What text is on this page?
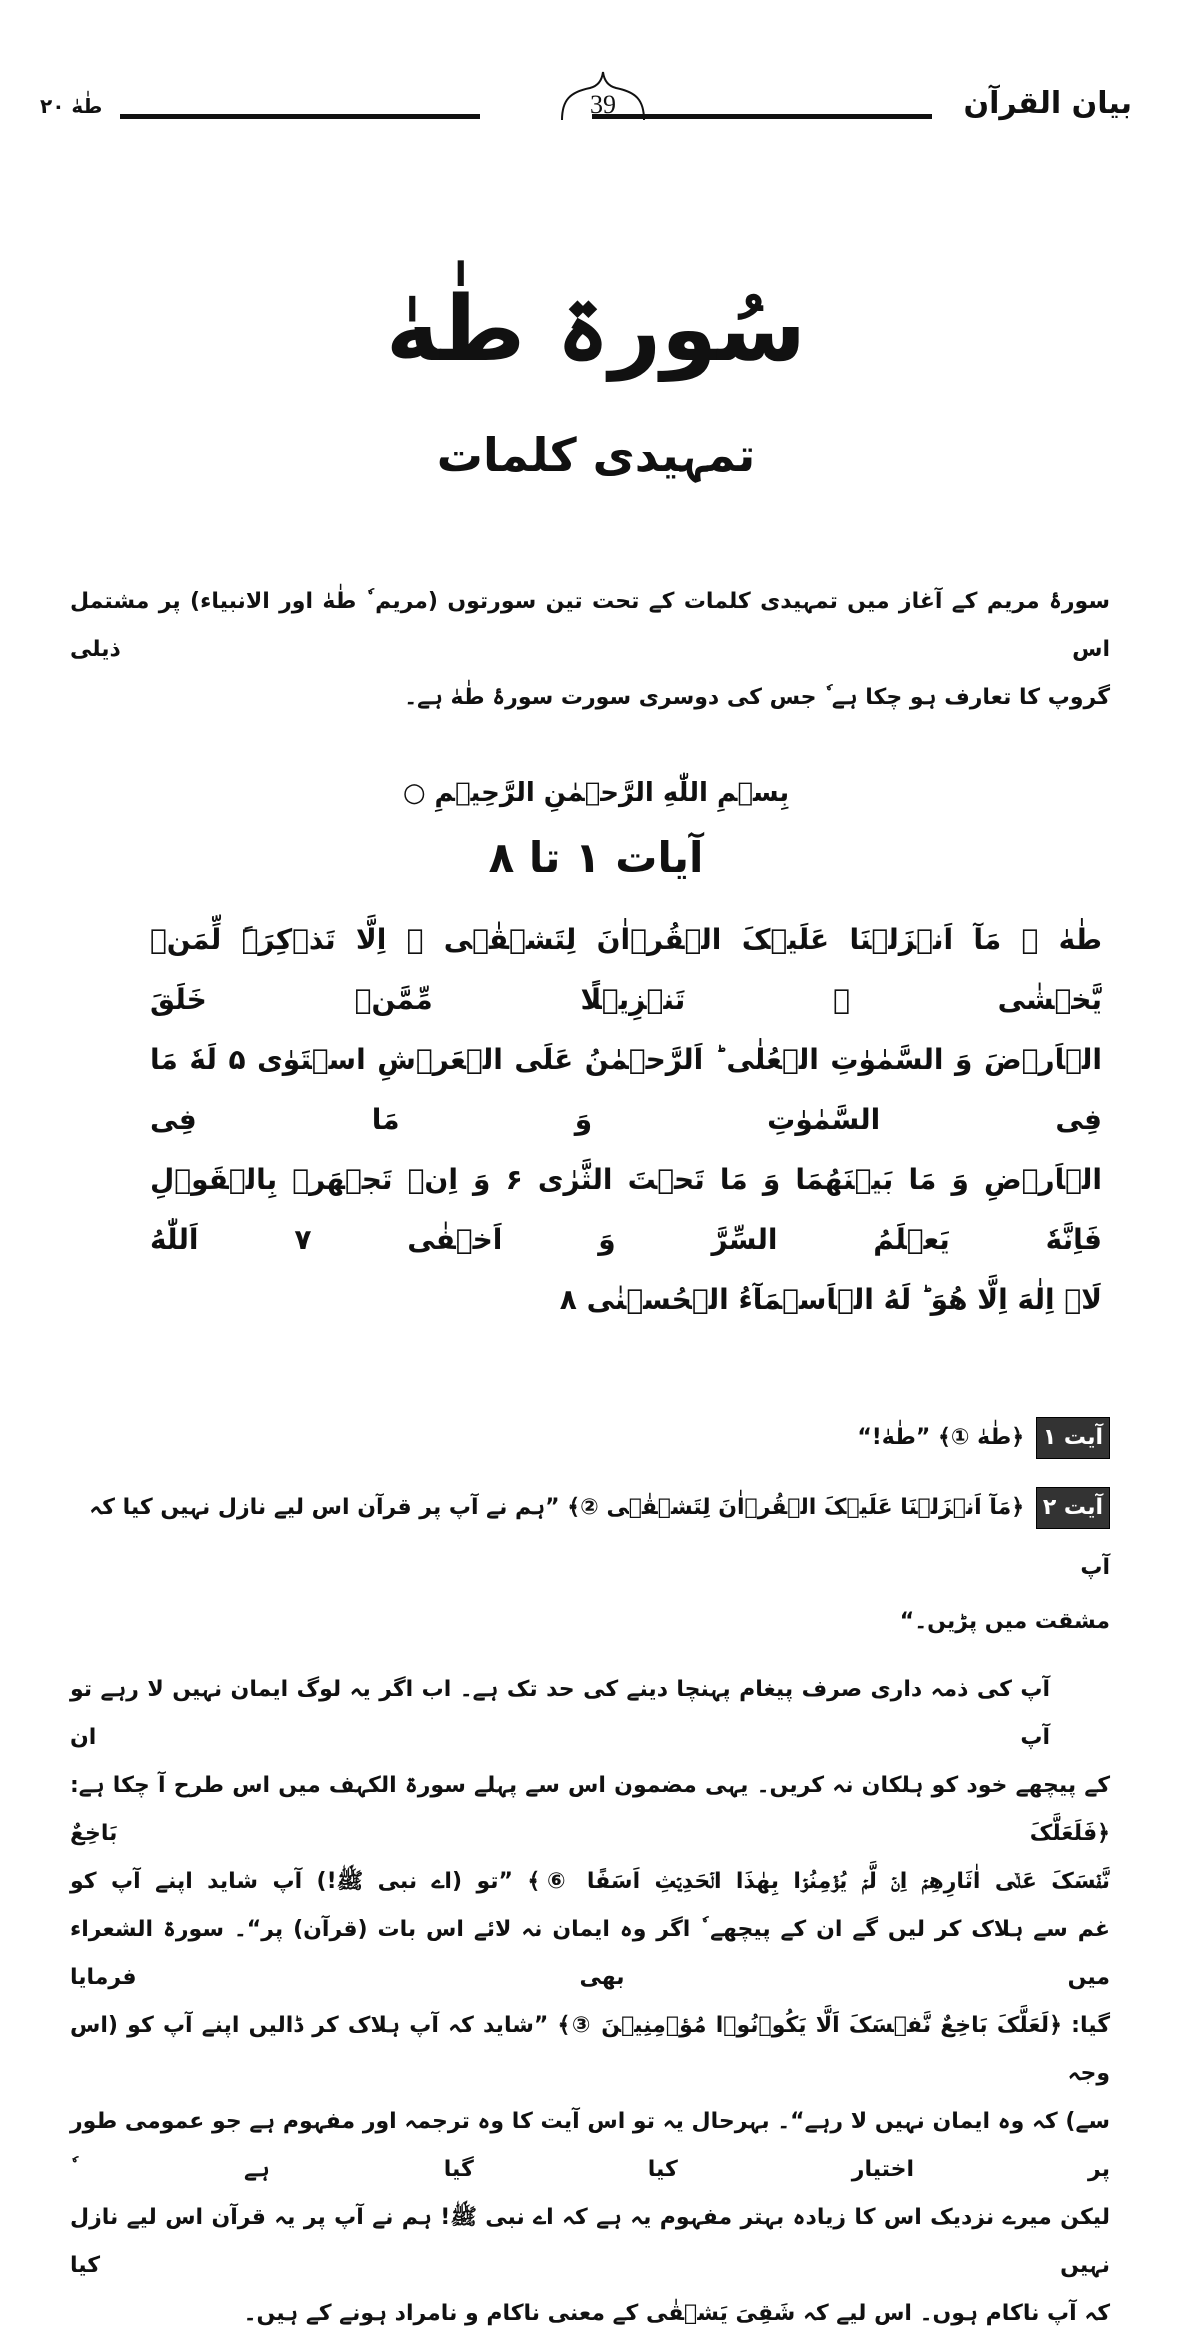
بیان القرآن
39
طٰهٰ ۲۰
سُورۃ طٰهٰ
تمہیدی کلمات
سورۂ مریم کے آغاز میں تمہیدی کلمات کے تحت تین سورتوں (مریم ٗ طٰهٰ اور الانبیاء) پر مشتمل اس ذیلی
گروپ کا تعارف ہو چکا ہے ٗ جس کی دوسری سورت سورۂ طٰهٰ ہے۔
بِسۡمِ اللّٰهِ الرَّحۡمٰنِ الرَّحِیۡمِ ○
آیات ۱ تا ۸
طٰهٰ ۚ مَآ اَنۡزَلۡنَا عَلَیۡکَ الۡقُرۡاٰنَ لِتَشۡقٰۤی ۙ اِلَّا تَذۡکِرَۃً لِّمَنۡ یَّخۡشٰی ۙ تَنۡزِیۡلًا مِّمَّنۡ خَلَقَ
الۡاَرۡضَ وَ السَّمٰوٰتِ الۡعُلٰی ؕ اَلرَّحۡمٰنُ عَلَی الۡعَرۡشِ اسۡتَوٰی ۵ لَهٗ مَا فِی السَّمٰوٰتِ وَ مَا فِی
الۡاَرۡضِ وَ مَا بَیۡنَهُمَا وَ مَا تَحۡتَ الثَّرٰی ۶ وَ اِنۡ تَجۡهَرۡ بِالۡقَوۡلِ فَاِنَّهٗ یَعۡلَمُ السِّرَّ وَ اَخۡفٰی ۷ اَللّٰهُ
لَاۤ اِلٰهَ اِلَّا هُوَ ؕ لَهُ الۡاَسۡمَآءُ الۡحُسۡنٰی ۸
آیت ۱ ﴿طٰهٰ ①﴾ ”طٰهٰ!“
آیت ۲ ﴿مَآ اَنۡزَلۡنَا عَلَیۡکَ الۡقُرۡاٰنَ لِتَشۡقٰۤی ②﴾ ”ہم نے آپ پر قرآن اس لیے نازل نہیں کیا کہ آپ
مشقت میں پڑیں۔“
آپ کی ذمہ داری صرف پیغام پہنچا دینے کی حد تک ہے۔ اب اگر یہ لوگ ایمان نہیں لا رہے تو آپ ان
کے پیچھے خود کو ہلکان نہ کریں۔ یہی مضمون اس سے پہلے سورۃ الکہف میں اس طرح آ چکا ہے: ﴿فَلَعَلَّکَ بَاخِعٌ
نَّفۡسَکَ عَلٰۤی اٰثَارِهِمۡ اِنۡ لَّمۡ یُؤۡمِنُوۡا بِهٰذَا الۡحَدِیۡثِ اَسَفًا ⑥﴾ ”تو (اے نبی ﷺ!) آپ شاید اپنے آپ کو
غم سے ہلاک کر لیں گے ان کے پیچھے ٗ اگر وہ ایمان نہ لائے اس بات (قرآن) پر“۔ سورۃ الشعراء میں بھی فرمایا
گیا: ﴿لَعَلَّکَ بَاخِعٌ نَّفۡسَکَ اَلَّا یَکُوۡنُوۡا مُؤۡمِنِیۡنَ ③﴾ ”شاید کہ آپ ہلاک کر ڈالیں اپنے آپ کو (اس وجہ
سے) کہ وہ ایمان نہیں لا رہے“۔ بہرحال یہ تو اس آیت کا وہ ترجمہ اور مفہوم ہے جو عمومی طور پر اختیار کیا گیا ہے ٗ
لیکن میرے نزدیک اس کا زیادہ بہتر مفہوم یہ ہے کہ اے نبی ﷺ! ہم نے آپ پر یہ قرآن اس لیے نازل نہیں کیا
کہ آپ ناکام ہوں۔ اس لیے کہ شَقِیَ یَشۡقٰی کے معنی ناکام و نامراد ہونے کے ہیں۔
